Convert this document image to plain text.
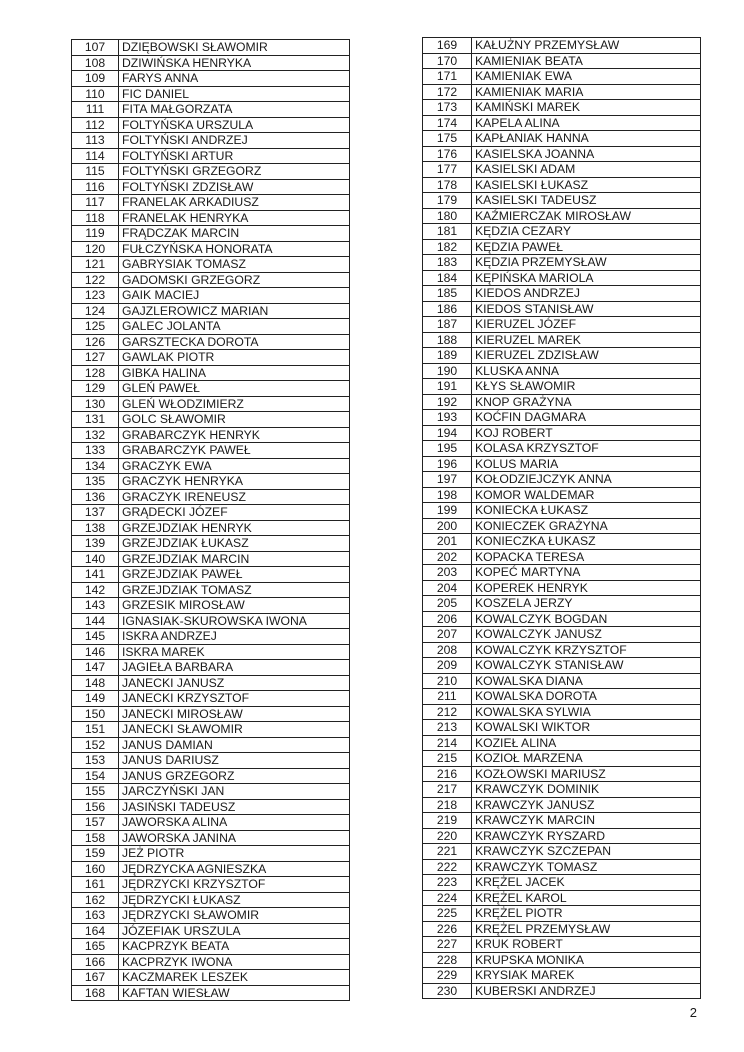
107	DZIĘBOWSKI SŁAWOMIR
108	DZIWIŃSKA HENRYKA
109	FARYS ANNA
110	FIC DANIEL
111	FITA MAŁGORZATA
112	FOLTYŃSKA URSZULA
113	FOLTYŃSKI ANDRZEJ
114	FOLTYŃSKI ARTUR
115	FOLTYŃSKI GRZEGORZ
116	FOLTYŃSKI ZDZISŁAW
117	FRANELAK ARKADIUSZ
118	FRANELAK HENRYKA
119	FRĄDCZAK MARCIN
120	FUŁCZYŃSKA HONORATA
121	GABRYSIAK TOMASZ
122	GADOMSKI GRZEGORZ
123	GAIK MACIEJ
124	GAJZLEROWICZ MARIAN
125	GALEC JOLANTA
126	GARSZTECKA DOROTA
127	GAWLAK PIOTR
128	GIBKA HALINA
129	GLEŃ PAWEŁ
130	GLEŃ WŁODZIMIERZ
131	GOLC SŁAWOMIR
132	GRABARCZYK HENRYK
133	GRABARCZYK PAWEŁ
134	GRACZYK EWA
135	GRACZYK HENRYKA
136	GRACZYK IRENEUSZ
137	GRĄDECKI JÓZEF
138	GRZEJDZIAK HENRYK
139	GRZEJDZIAK ŁUKASZ
140	GRZEJDZIAK MARCIN
141	GRZEJDZIAK PAWEŁ
142	GRZEJDZIAK TOMASZ
143	GRZESIK MIROSŁAW
144	IGNASIAK-SKUROWSKA IWONA
145	ISKRA ANDRZEJ
146	ISKRA MAREK
147	JAGIEŁA BARBARA
148	JANECKI JANUSZ
149	JANECKI KRZYSZTOF
150	JANECKI MIROSŁAW
151	JANECKI SŁAWOMIR
152	JANUS DAMIAN
153	JANUS DARIUSZ
154	JANUS GRZEGORZ
155	JARCZYŃSKI JAN
156	JASIŃSKI TADEUSZ
157	JAWORSKA ALINA
158	JAWORSKA JANINA
159	JEŻ PIOTR
160	JĘDRZYCKA AGNIESZKA
161	JĘDRZYCKI KRZYSZTOF
162	JĘDRZYCKI ŁUKASZ
163	JĘDRZYCKI SŁAWOMIR
164	JÓZEFIAK URSZULA
165	KACPRZYK BEATA
166	KACPRZYK IWONA
167	KACZMAREK LESZEK
168	KAFTAN WIESŁAW
169	KAŁUŻNY PRZEMYSŁAW
170	KAMIENIAK BEATA
171	KAMIENIAK EWA
172	KAMIENIAK MARIA
173	KAMIŃSKI MAREK
174	KAPELA ALINA
175	KAPŁANIAK HANNA
176	KASIELSKA JOANNA
177	KASIELSKI ADAM
178	KASIELSKI ŁUKASZ
179	KASIELSKI TADEUSZ
180	KAŹMIERCZAK MIROSŁAW
181	KĘDZIA CEZARY
182	KĘDZIA PAWEŁ
183	KĘDZIA PRZEMYSŁAW
184	KĘPIŃSKA MARIOLA
185	KIEDOS ANDRZEJ
186	KIEDOS STANISŁAW
187	KIERUZEL JÓZEF
188	KIERUZEL MAREK
189	KIERUZEL ZDZISŁAW
190	KLUSKA ANNA
191	KŁYS SŁAWOMIR
192	KNOP GRAŻYNA
193	KOĆFIN DAGMARA
194	KOJ ROBERT
195	KOLASA KRZYSZTOF
196	KOLUS MARIA
197	KOŁODZIEJCZYK ANNA
198	KOMOR WALDEMAR
199	KONIECKA ŁUKASZ
200	KONIECZEK GRAŻYNA
201	KONIECZKA ŁUKASZ
202	KOPACKA TERESA
203	KOPEĆ MARTYNA
204	KOPEREK HENRYK
205	KOSZELA JERZY
206	KOWALCZYK BOGDAN
207	KOWALCZYK JANUSZ
208	KOWALCZYK KRZYSZTOF
209	KOWALCZYK STANISŁAW
210	KOWALSKA DIANA
211	KOWALSKA DOROTA
212	KOWALSKA SYLWIA
213	KOWALSKI WIKTOR
214	KOZIEŁ ALINA
215	KOZIOŁ MARZENA
216	KOZŁOWSKI MARIUSZ
217	KRAWCZYK DOMINIK
218	KRAWCZYK JANUSZ
219	KRAWCZYK MARCIN
220	KRAWCZYK RYSZARD
221	KRAWCZYK SZCZEPAN
222	KRAWCZYK TOMASZ
223	KRĘŻEL JACEK
224	KRĘŻEL KAROL
225	KRĘŻEL PIOTR
226	KRĘŻEL PRZEMYSŁAW
227	KRUK ROBERT
228	KRUPSKA MONIKA
229	KRYSIAK MAREK
230	KUBERSKI ANDRZEJ
2
